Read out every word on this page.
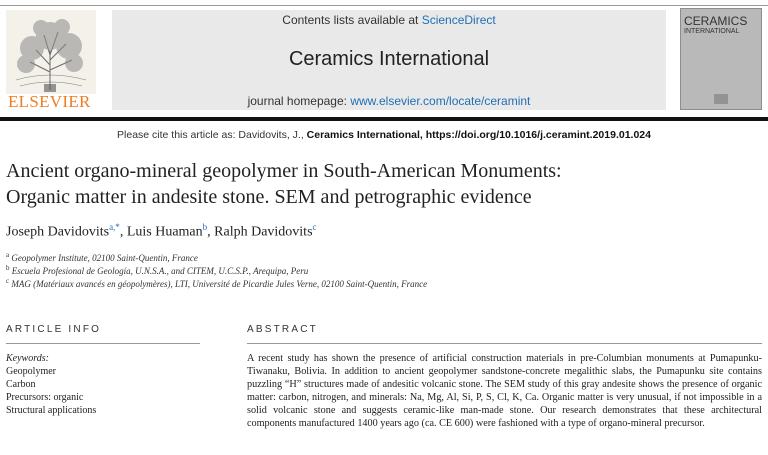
ELSEVIER
Contents lists available at ScienceDirect
Ceramics International
journal homepage: www.elsevier.com/locate/ceramint
CERAMICS
INTERNATIONAL
Please cite this article as: Davidovits, J., Ceramics International, https://doi.org/10.1016/j.ceramint.2019.01.024
Ancient organo-mineral geopolymer in South-American Monuments:
Organic matter in andesite stone. SEM and petrographic evidence
Joseph Davidovits$^{a,*}$, Luis Huaman$^b$, Ralph Davidovits$^c$
$^a$ Geopolymer Institute, 02100 Saint-Quentin, France
$^b$ Escuela Profesional de Geología, U.N.S.A., and CITEM, U.C.S.P., Arequipa, Peru
$^c$ MAG (Matériaux avancés en géopolymères), LTI, Université de Picardie Jules Verne, 02100 Saint-Quentin, France
ARTICLE INFO
Keywords:
Geopolymer
Carbon
Precursors: organic
Structural applications
ABSTRACT
A recent study has shown the presence of artificial construction materials in pre-Columbian monuments at Pumapunku-Tiwanaku, Bolivia. In addition to ancient geopolymer sandstone-concrete megalithic slabs, the Pumapunku site contains puzzling “H” structures made of andesitic volcanic stone. The SEM study of this gray andesite shows the presence of organic matter: carbon, nitrogen, and minerals: Na, Mg, Al, Si, P, S, Cl, K, Ca. Organic matter is very unusual, if not impossible in a solid volcanic stone and suggests ceramic-like man-made stone. Our research demonstrates that these architectural components manufactured 1400 years ago (ca. CE 600) were fashioned with a type of organo-mineral precursor.
